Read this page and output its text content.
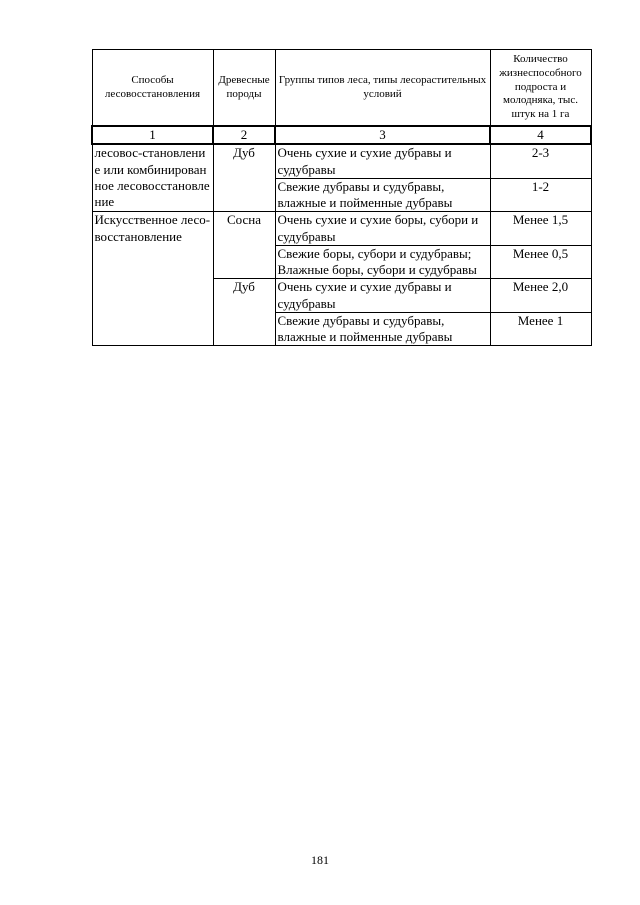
Способы лесовосстановления	Древесные породы	Группы типов леса, типы лесорастительных условий	Количество жизнеспособного подроста и молодняка, тыс. штук на 1 га
1	2	3	4
лесовос-становление или комбинированное лесовосстановление	Дуб	Очень сухие и сухие дубравы и судубравы	2-3
		Свежие дубравы и судубравы, влажные и пойменные дубравы	1-2
Искусственное лесо-восстановление	Сосна	Очень сухие и сухие боры, субори и судубравы	Менее 1,5
		Свежие боры, субори и судубравы; Влажные боры, субори и судубравы	Менее 0,5
	Дуб	Очень сухие и сухие дубравы и судубравы	Менее 2,0
		Свежие дубравы и судубравы, влажные и пойменные дубравы	Менее 1
181
